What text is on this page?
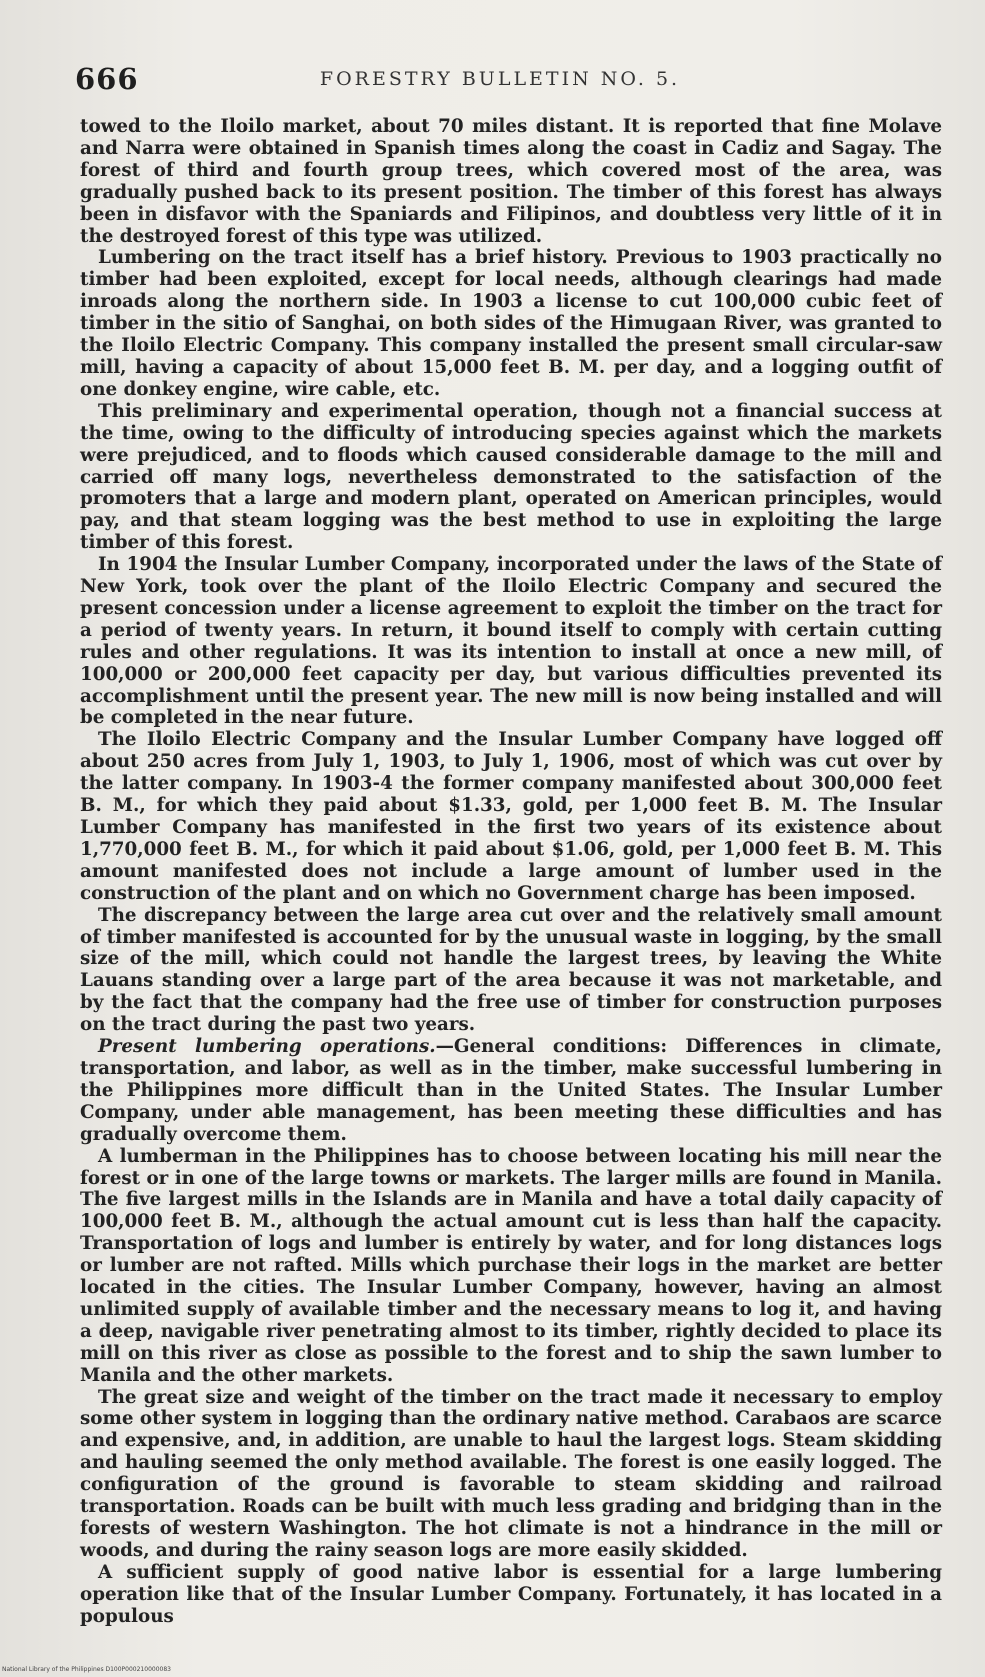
666	FORESTRY BULLETIN NO. 5.

towed to the Iloilo market, about 70 miles distant. It is reported that fine Molave and Narra were obtained in Spanish times along the coast in Cadiz and Sagay. The forest of third and fourth group trees, which covered most of the area, was gradually pushed back to its present position. The timber of this forest has always been in disfavor with the Spaniards and Filipinos, and doubtless very little of it in the destroyed forest of this type was utilized.

Lumbering on the tract itself has a brief history. Previous to 1903 practically no timber had been exploited, except for local needs, although clearings had made inroads along the northern side. In 1903 a license to cut 100,000 cubic feet of timber in the sitio of Sanghai, on both sides of the Himugaan River, was granted to the Iloilo Electric Company. This company installed the present small circular-saw mill, having a capacity of about 15,000 feet B. M. per day, and a logging outfit of one donkey engine, wire cable, etc.

This preliminary and experimental operation, though not a financial success at the time, owing to the difficulty of introducing species against which the markets were prejudiced, and to floods which caused considerable damage to the mill and carried off many logs, nevertheless demonstrated to the satisfaction of the promoters that a large and modern plant, operated on American principles, would pay, and that steam logging was the best method to use in exploiting the large timber of this forest.

In 1904 the Insular Lumber Company, incorporated under the laws of the State of New York, took over the plant of the Iloilo Electric Company and secured the present concession under a license agreement to exploit the timber on the tract for a period of twenty years. In return, it bound itself to comply with certain cutting rules and other regulations. It was its intention to install at once a new mill, of 100,000 or 200,000 feet capacity per day, but various difficulties prevented its accomplishment until the present year. The new mill is now being installed and will be completed in the near future.

The Iloilo Electric Company and the Insular Lumber Company have logged off about 250 acres from July 1, 1903, to July 1, 1906, most of which was cut over by the latter company. In 1903-4 the former company manifested about 300,000 feet B. M., for which they paid about $1.33, gold, per 1,000 feet B. M. The Insular Lumber Company has manifested in the first two years of its existence about 1,770,000 feet B. M., for which it paid about $1.06, gold, per 1,000 feet B. M. This amount manifested does not include a large amount of lumber used in the construction of the plant and on which no Government charge has been imposed.

The discrepancy between the large area cut over and the relatively small amount of timber manifested is accounted for by the unusual waste in logging, by the small size of the mill, which could not handle the largest trees, by leaving the White Lauans standing over a large part of the area because it was not marketable, and by the fact that the company had the free use of timber for construction purposes on the tract during the past two years.

Present lumbering operations.—General conditions: Differences in climate, transportation, and labor, as well as in the timber, make successful lumbering in the Philippines more difficult than in the United States. The Insular Lumber Company, under able management, has been meeting these difficulties and has gradually overcome them.

A lumberman in the Philippines has to choose between locating his mill near the forest or in one of the large towns or markets. The larger mills are found in Manila. The five largest mills in the Islands are in Manila and have a total daily capacity of 100,000 feet B. M., although the actual amount cut is less than half the capacity. Transportation of logs and lumber is entirely by water, and for long distances logs or lumber are not rafted. Mills which purchase their logs in the market are better located in the cities. The Insular Lumber Company, however, having an almost unlimited supply of available timber and the necessary means to log it, and having a deep, navigable river penetrating almost to its timber, rightly decided to place its mill on this river as close as possible to the forest and to ship the sawn lumber to Manila and the other markets.

The great size and weight of the timber on the tract made it necessary to employ some other system in logging than the ordinary native method. Carabaos are scarce and expensive, and, in addition, are unable to haul the largest logs. Steam skidding and hauling seemed the only method available. The forest is one easily logged. The configuration of the ground is favorable to steam skidding and railroad transportation. Roads can be built with much less grading and bridging than in the forests of western Washington. The hot climate is not a hindrance in the mill or woods, and during the rainy season logs are more easily skidded.

A sufficient supply of good native labor is essential for a large lumbering operation like that of the Insular Lumber Company. Fortunately, it has located in a populous

National Library of the Philippines D100P000210000083
